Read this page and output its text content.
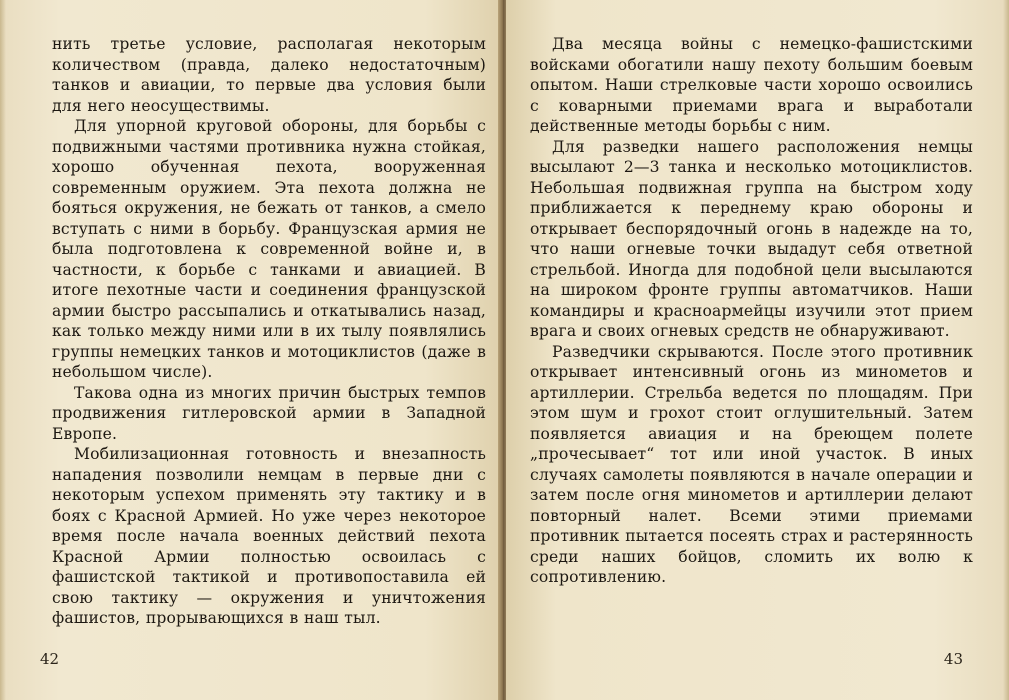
нить третье условие, располагая некоторым количеством (правда, далеко недостаточным) танков и авиации, то первые два условия были для него неосуществимы.

Для упорной круговой обороны, для борьбы с подвижными частями противника нужна стойкая, хорошо обученная пехота, вооруженная современным оружием. Эта пехота должна не бояться окружения, не бежать от танков, а смело вступать с ними в борьбу. Французская армия не была подготовлена к современной войне и, в частности, к борьбе с танками и авиацией. В итоге пехотные части и соединения французской армии быстро рассыпались и откатывались назад, как только между ними или в их тылу появлялись группы немецких танков и мотоциклистов (даже в небольшом числе).

Такова одна из многих причин быстрых темпов продвижения гитлеровской армии в Западной Европе.

Мобилизационная готовность и внезапность нападения позволили немцам в первые дни с некоторым успехом применять эту тактику и в боях с Красной Армией. Но уже через некоторое время после начала военных действий пехота Красной Армии полностью освоилась с фашистской тактикой и противопоставила ей свою тактику — окружения и уничтожения фашистов, прорывающихся в наш тыл.

42

Два месяца войны с немецко-фашистскими войсками обогатили нашу пехоту большим боевым опытом. Наши стрелковые части хорошо освоились с коварными приемами врага и выработали действенные методы борьбы с ним.

Для разведки нашего расположения немцы высылают 2—3 танка и несколько мотоциклистов. Небольшая подвижная группа на быстром ходу приближается к переднему краю обороны и открывает беспорядочный огонь в надежде на то, что наши огневые точки выдадут себя ответной стрельбой. Иногда для подобной цели высылаются на широком фронте группы автоматчиков. Наши командиры и красноармейцы изучили этот прием врага и своих огневых средств не обнаруживают.

Разведчики скрываются. После этого противник открывает интенсивный огонь из минометов и артиллерии. Стрельба ведется по площадям. При этом шум и грохот стоит оглушительный. Затем появляется авиация и на бреющем полете „прочесывает“ тот или иной участок. В иных случаях самолеты появляются в начале операции и затем после огня минометов и артиллерии делают повторный налет. Всеми этими приемами противник пытается посеять страх и растерянность среди наших бойцов, сломить их волю к сопротивлению.

43
